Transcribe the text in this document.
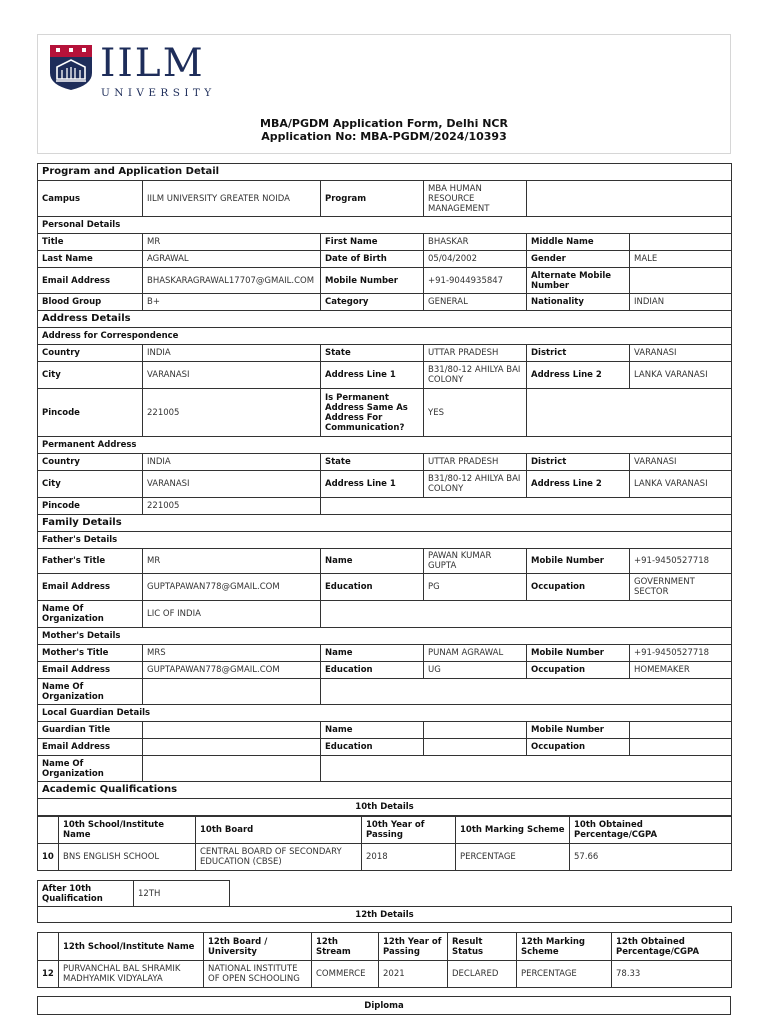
IILM
UNIVERSITY
MBA/PGDM Application Form, Delhi NCR
Application No: MBA-PGDM/2024/10393
Program and Application Detail					
Campus	IILM UNIVERSITY GREATER NOIDA	Program	MBA HUMAN RESOURCE MANAGEMENT		
Personal Details					
Title	MR	First Name	BHASKAR	Middle Name	
Last Name	AGRAWAL	Date of Birth	05/04/2002	Gender	MALE
Email Address	BHASKARAGRAWAL17707@GMAIL.COM	Mobile Number	+91-9044935847	Alternate Mobile Number	
Blood Group	B+	Category	GENERAL	Nationality	INDIAN
Address Details					
Address for Correspondence					
Country	INDIA	State	UTTAR PRADESH	District	VARANASI
City	VARANASI	Address Line 1	B31/80-12 AHILYA BAI COLONY	Address Line 2	LANKA VARANASI
Pincode	221005	Is Permanent Address Same As Address For Communication?	YES		
Permanent Address					
Country	INDIA	State	UTTAR PRADESH	District	VARANASI
City	VARANASI	Address Line 1	B31/80-12 AHILYA BAI COLONY	Address Line 2	LANKA VARANASI
Pincode	221005				
Family Details					
Father's Details					
Father's Title	MR	Name	PAWAN KUMAR GUPTA	Mobile Number	+91-9450527718
Email Address	GUPTAPAWAN778@GMAIL.COM	Education	PG	Occupation	GOVERNMENT SECTOR
Name Of Organization	LIC OF INDIA				
Mother's Details					
Mother's Title	MRS	Name	PUNAM AGRAWAL	Mobile Number	+91-9450527718
Email Address	GUPTAPAWAN778@GMAIL.COM	Education	UG	Occupation	HOMEMAKER
Name Of Organization					
Local Guardian Details					
Guardian Title		Name		Mobile Number	
Email Address		Education		Occupation	
Name Of Organization					
Academic Qualifications					
10th Details					
	10th School/Institute Name	10th Board	10th Year of Passing	10th Marking Scheme	10th Obtained Percentage/CGPA
10	BNS ENGLISH SCHOOL	CENTRAL BOARD OF SECONDARY EDUCATION (CBSE)	2018	PERCENTAGE	57.66
After 10th Qualification	12TH	
12th Details
	12th School/Institute Name	12th Board / University	12th Stream	12th Year of Passing	Result Status	12th Marking Scheme	12th Obtained Percentage/CGPA
12	PURVANCHAL BAL SHRAMIK MADHYAMIK VIDYALAYA	NATIONAL INSTITUTE OF OPEN SCHOOLING	COMMERCE	2021	DECLARED	PERCENTAGE	78.33
Diploma
